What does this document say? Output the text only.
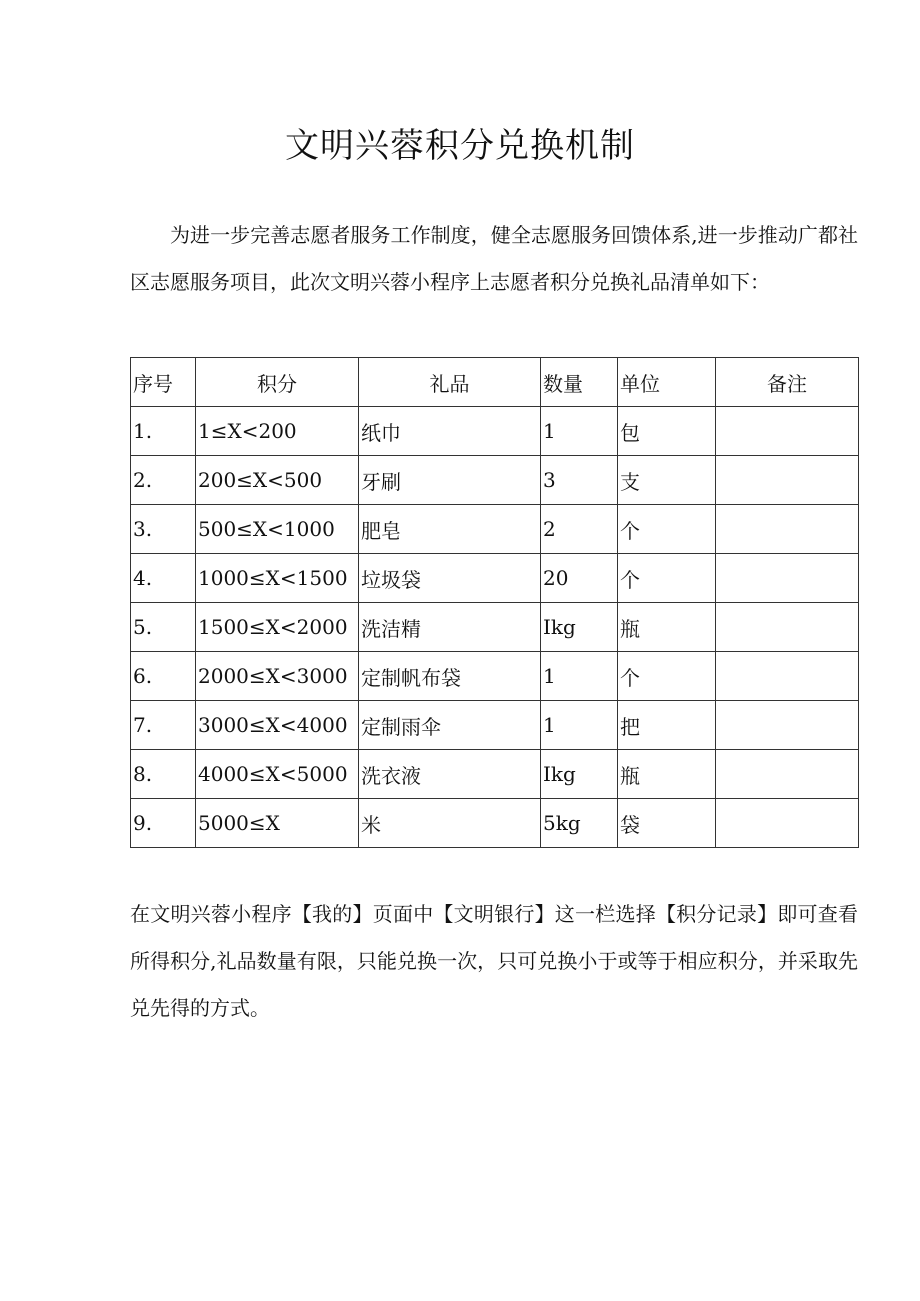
文明兴蓉积分兑换机制

为进一步完善志愿者服务工作制度，健全志愿服务回馈体系,进一步推动广都社区志愿服务项目，此次文明兴蓉小程序上志愿者积分兑换礼品清单如下：

序号	积分	礼品	数量	单位	备注
1.	1≤X<200	纸巾	1	包	
2.	200≤X<500	牙刷	3	支	
3.	500≤X<1000	肥皂	2	个	
4.	1000≤X<1500	垃圾袋	20	个	
5.	1500≤X<2000	洗洁精	Ikg	瓶	
6.	2000≤X<3000	定制帆布袋	1	个	
7.	3000≤X<4000	定制雨伞	1	把	
8.	4000≤X<5000	洗衣液	Ikg	瓶	
9.	5000≤X	米	5kg	袋	

在文明兴蓉小程序【我的】页面中【文明银行】这一栏选择【积分记录】即可查看所得积分,礼品数量有限，只能兑换一次，只可兑换小于或等于相应积分，并采取先兑先得的方式。
